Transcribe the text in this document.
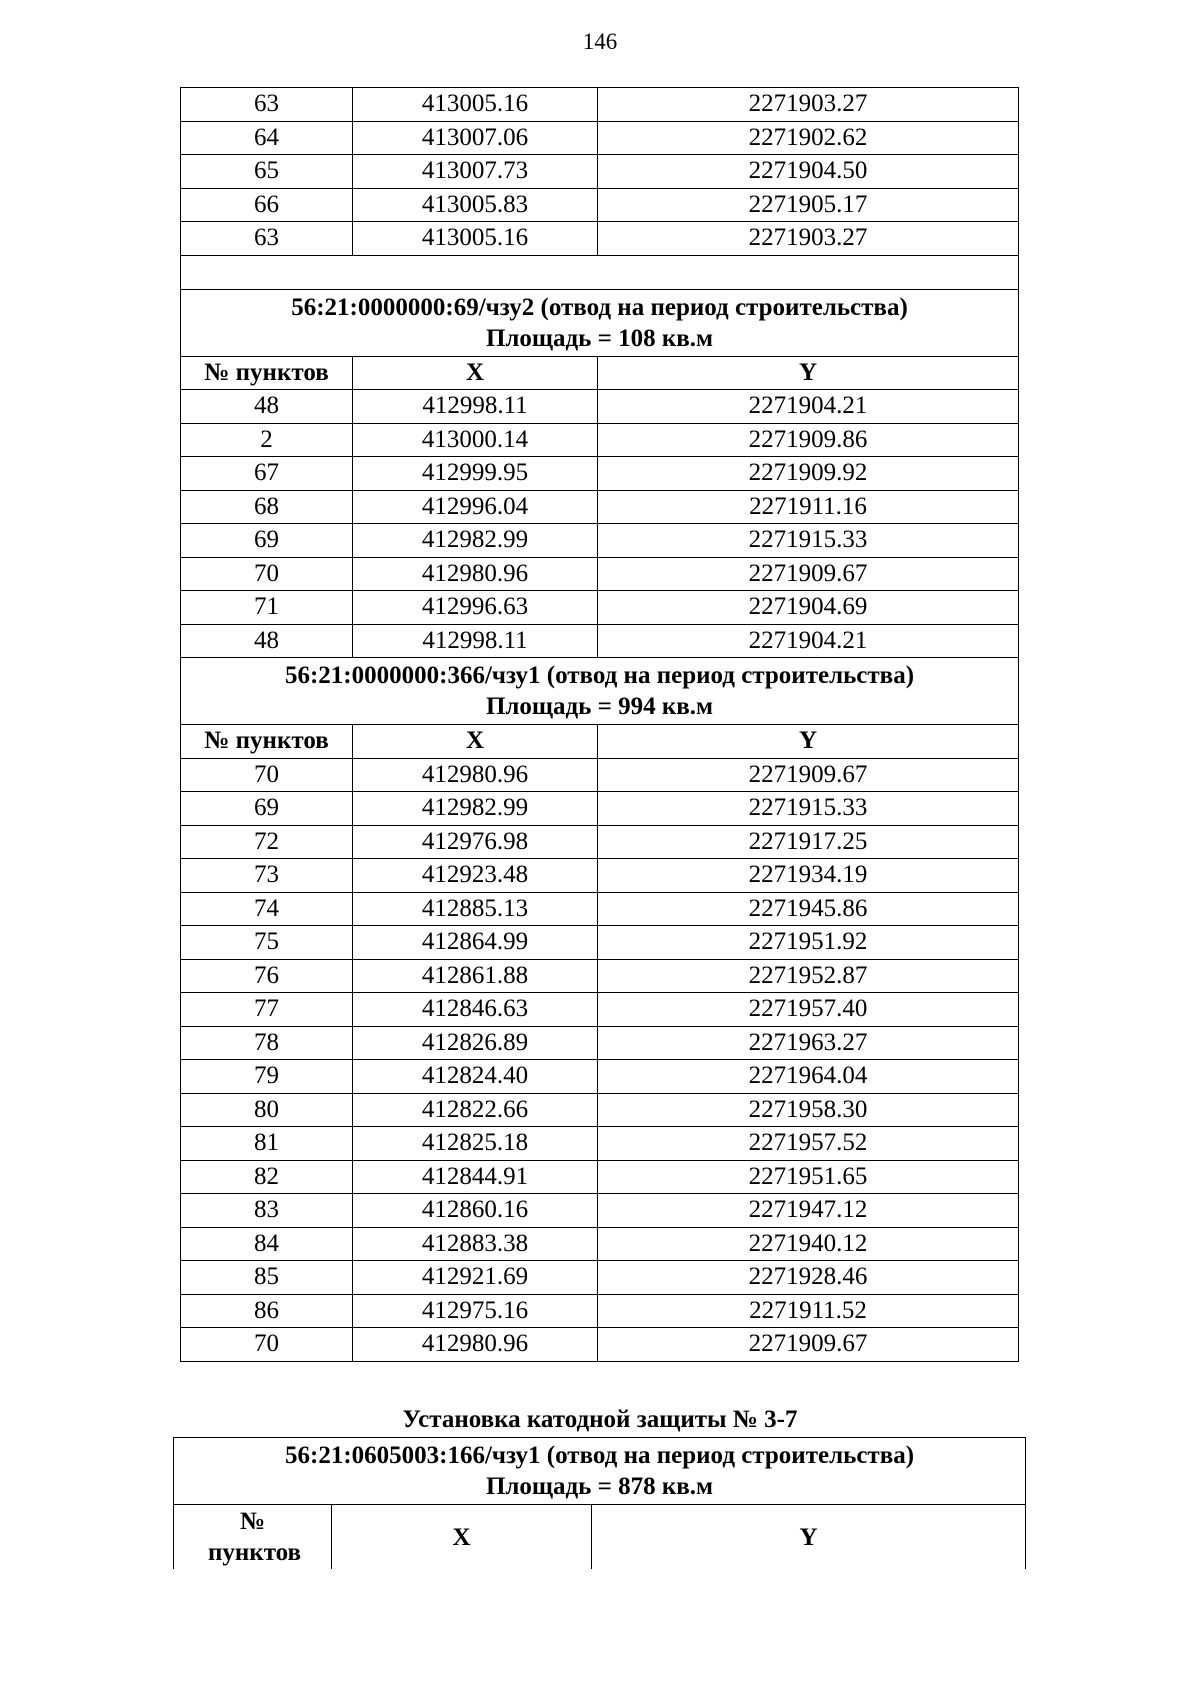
146
63	413005.16	2271903.27
64	413007.06	2271902.62
65	413007.73	2271904.50
66	413005.83	2271905.17
63	413005.16	2271903.27

56:21:0000000:69/чзу2 (отвод на период строительства)
Площадь = 108 кв.м		
№ пунктов	X	Y
48	412998.11	2271904.21
2	413000.14	2271909.86
67	412999.95	2271909.92
68	412996.04	2271911.16
69	412982.99	2271915.33
70	412980.96	2271909.67
71	412996.63	2271904.69
48	412998.11	2271904.21
56:21:0000000:366/чзу1 (отвод на период строительства)
Площадь = 994 кв.м		
№ пунктов	X	Y
70	412980.96	2271909.67
69	412982.99	2271915.33
72	412976.98	2271917.25
73	412923.48	2271934.19
74	412885.13	2271945.86
75	412864.99	2271951.92
76	412861.88	2271952.87
77	412846.63	2271957.40
78	412826.89	2271963.27
79	412824.40	2271964.04
80	412822.66	2271958.30
81	412825.18	2271957.52
82	412844.91	2271951.65
83	412860.16	2271947.12
84	412883.38	2271940.12
85	412921.69	2271928.46
86	412975.16	2271911.52
70	412980.96	2271909.67
Установка катодной защиты № 3-7
56:21:0605003:166/чзу1 (отвод на период строительства)
Площадь = 878 кв.м
№ пунктов	X	Y
